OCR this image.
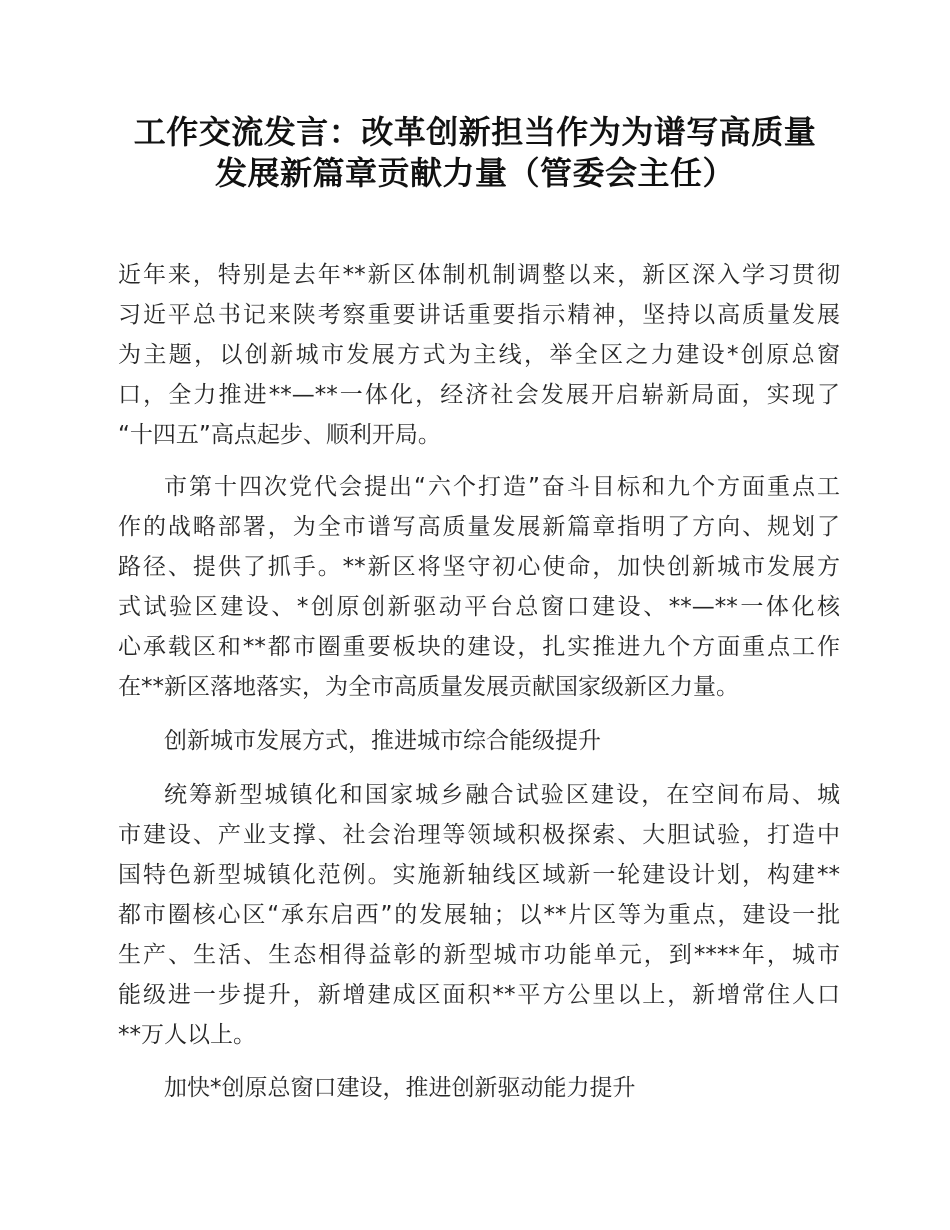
工作交流发言：改革创新担当作为为谱写高质量
发展新篇章贡献力量（管委会主任）

近年来，特别是去年**新区体制机制调整以来，新区深入学习贯彻
习近平总书记来陕考察重要讲话重要指示精神，坚持以高质量发展
为主题，以创新城市发展方式为主线，举全区之力建设*创原总窗
口，全力推进**—**一体化，经济社会发展开启崭新局面，实现了
“十四五”高点起步、顺利开局。

市第十四次党代会提出“六个打造”奋斗目标和九个方面重点工
作的战略部署，为全市谱写高质量发展新篇章指明了方向、规划了
路径、提供了抓手。**新区将坚守初心使命，加快创新城市发展方
式试验区建设、*创原创新驱动平台总窗口建设、**—**一体化核
心承载区和**都市圈重要板块的建设，扎实推进九个方面重点工作
在**新区落地落实，为全市高质量发展贡献国家级新区力量。

创新城市发展方式，推进城市综合能级提升

统筹新型城镇化和国家城乡融合试验区建设，在空间布局、城
市建设、产业支撑、社会治理等领域积极探索、大胆试验，打造中
国特色新型城镇化范例。实施新轴线区域新一轮建设计划，构建**
都市圈核心区“承东启西”的发展轴；以**片区等为重点，建设一批
生产、生活、生态相得益彰的新型城市功能单元，到****年，城市
能级进一步提升，新增建成区面积**平方公里以上，新增常住人口
**万人以上。

加快*创原总窗口建设，推进创新驱动能力提升
